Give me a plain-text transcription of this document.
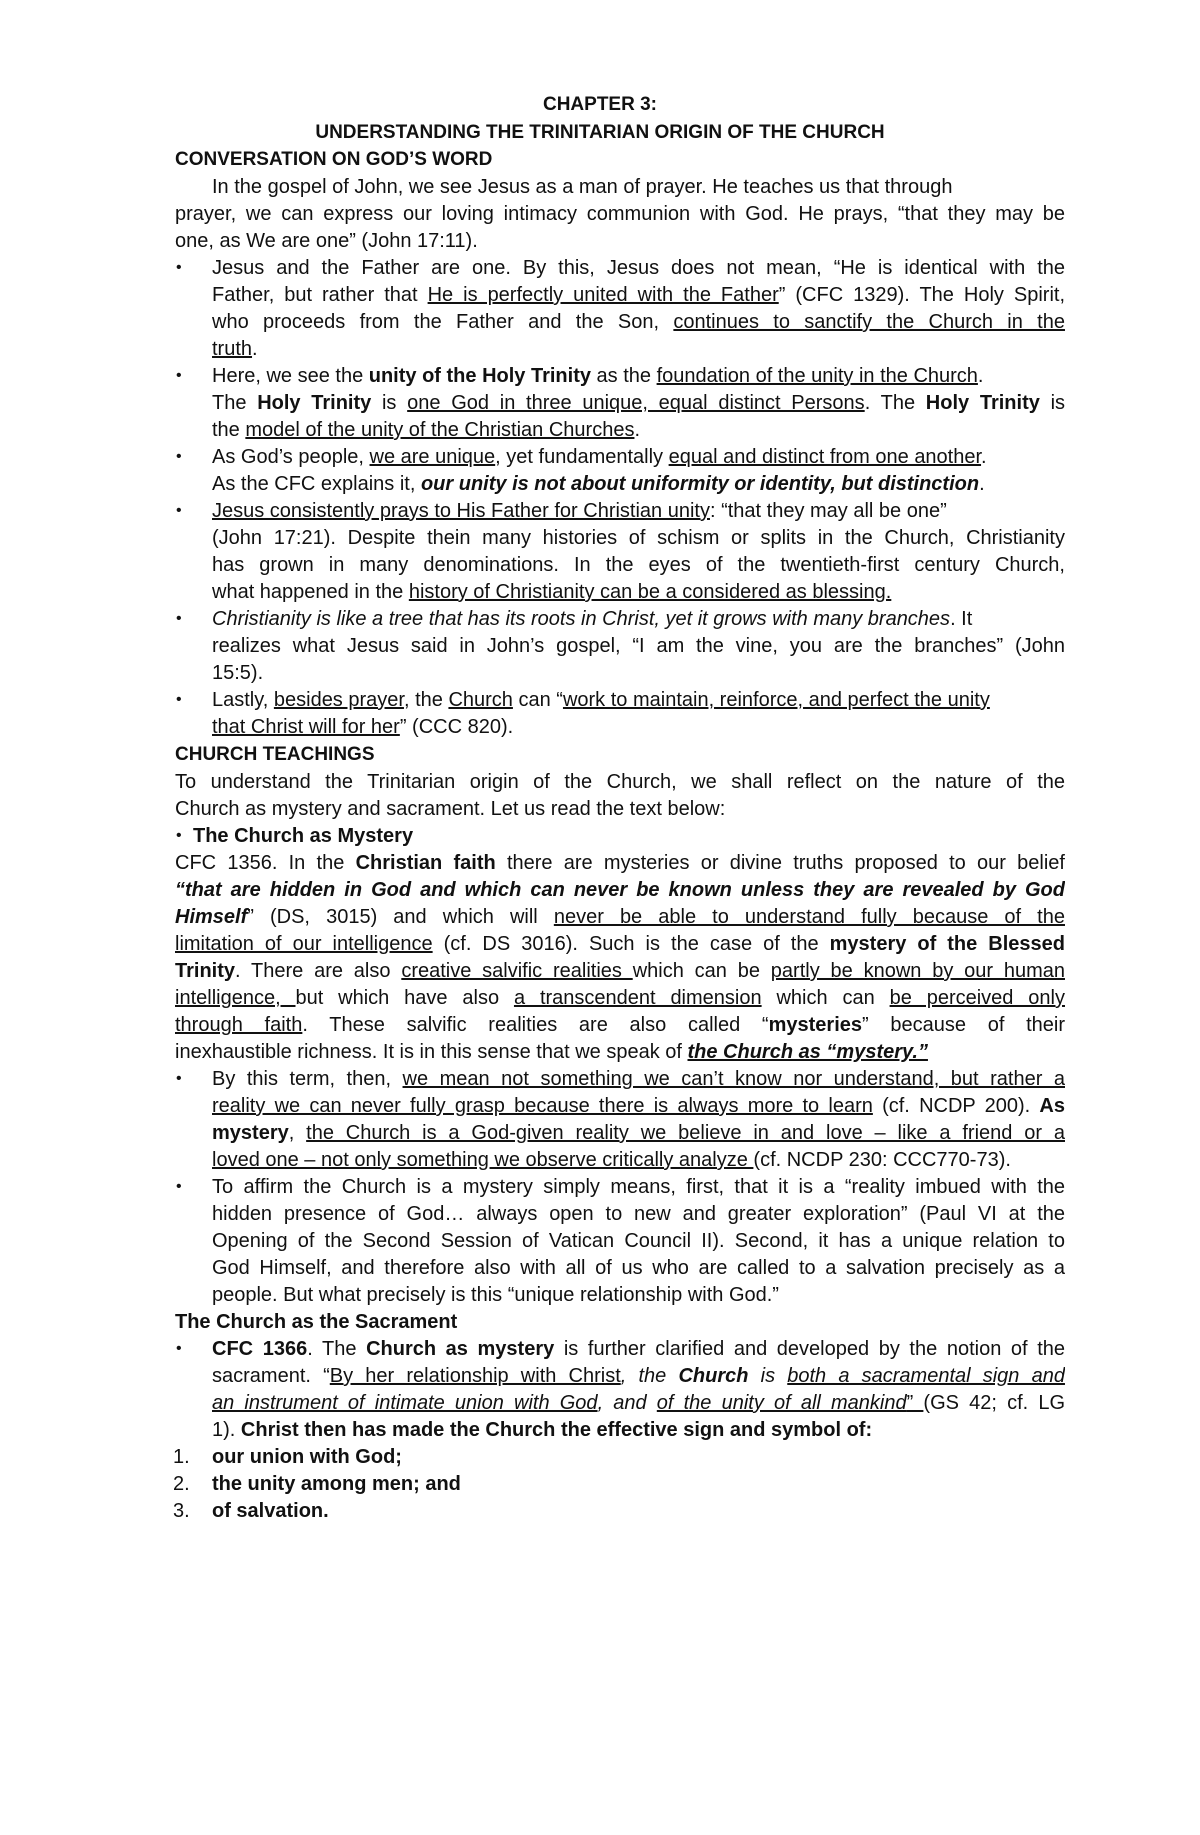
CHAPTER 3:
UNDERSTANDING THE TRINITARIAN ORIGIN OF THE CHURCH
CONVERSATION ON GOD’S WORD
In the gospel of John, we see Jesus as a man of prayer. He teaches us that through
prayer, we can express our loving intimacy communion with God. He prays, “that they may be
one, as We are one” (John 17:11).
• Jesus and the Father are one. By this, Jesus does not mean, “He is identical with the
Father, but rather that He is perfectly united with the Father” (CFC 1329). The Holy Spirit,
who proceeds from the Father and the Son, continues to sanctify the Church in the
truth.
• Here, we see the unity of the Holy Trinity as the foundation of the unity in the Church.
The Holy Trinity is one God in three unique, equal distinct Persons. The Holy Trinity is
the model of the unity of the Christian Churches.
• As God’s people, we are unique, yet fundamentally equal and distinct from one another.
As the CFC explains it, our unity is not about uniformity or identity, but distinction.
• Jesus consistently prays to His Father for Christian unity: “that they may all be one”
(John 17:21). Despite thein many histories of schism or splits in the Church, Christianity
has grown in many denominations. In the eyes of the twentieth-first century Church,
what happened in the history of Christianity can be a considered as blessing.
• Christianity is like a tree that has its roots in Christ, yet it grows with many branches. It
realizes what Jesus said in John’s gospel, “I am the vine, you are the branches” (John
15:5).
• Lastly, besides prayer, the Church can “work to maintain, reinforce, and perfect the unity
that Christ will for her” (CCC 820).
CHURCH TEACHINGS
To understand the Trinitarian origin of the Church, we shall reflect on the nature of the
Church as mystery and sacrament. Let us read the text below:
• The Church as Mystery
CFC 1356. In the Christian faith there are mysteries or divine truths proposed to our belief
“that are hidden in God and which can never be known unless they are revealed by God
Himself” (DS, 3015) and which will never be able to understand fully because of the
limitation of our intelligence (cf. DS 3016). Such is the case of the mystery of the Blessed
Trinity. There are also creative salvific realities which can be partly be known by our human
intelligence, but which have also a transcendent dimension which can be perceived only
through faith. These salvific realities are also called “mysteries” because of their
inexhaustible richness. It is in this sense that we speak of the Church as “mystery.”
• By this term, then, we mean not something we can’t know nor understand, but rather a
reality we can never fully grasp because there is always more to learn (cf. NCDP 200). As
mystery, the Church is a God-given reality we believe in and love – like a friend or a
loved one – not only something we observe critically analyze (cf. NCDP 230: CCC770-73).
• To affirm the Church is a mystery simply means, first, that it is a “reality imbued with the
hidden presence of God… always open to new and greater exploration” (Paul VI at the
Opening of the Second Session of Vatican Council II). Second, it has a unique relation to
God Himself, and therefore also with all of us who are called to a salvation precisely as a
people. But what precisely is this “unique relationship with God.”
The Church as the Sacrament
• CFC 1366. The Church as mystery is further clarified and developed by the notion of the
sacrament. “By her relationship with Christ, the Church is both a sacramental sign and
an instrument of intimate union with God, and of the unity of all mankind” (GS 42; cf. LG
1). Christ then has made the Church the effective sign and symbol of:
1. our union with God;
2. the unity among men; and
3. of salvation.
